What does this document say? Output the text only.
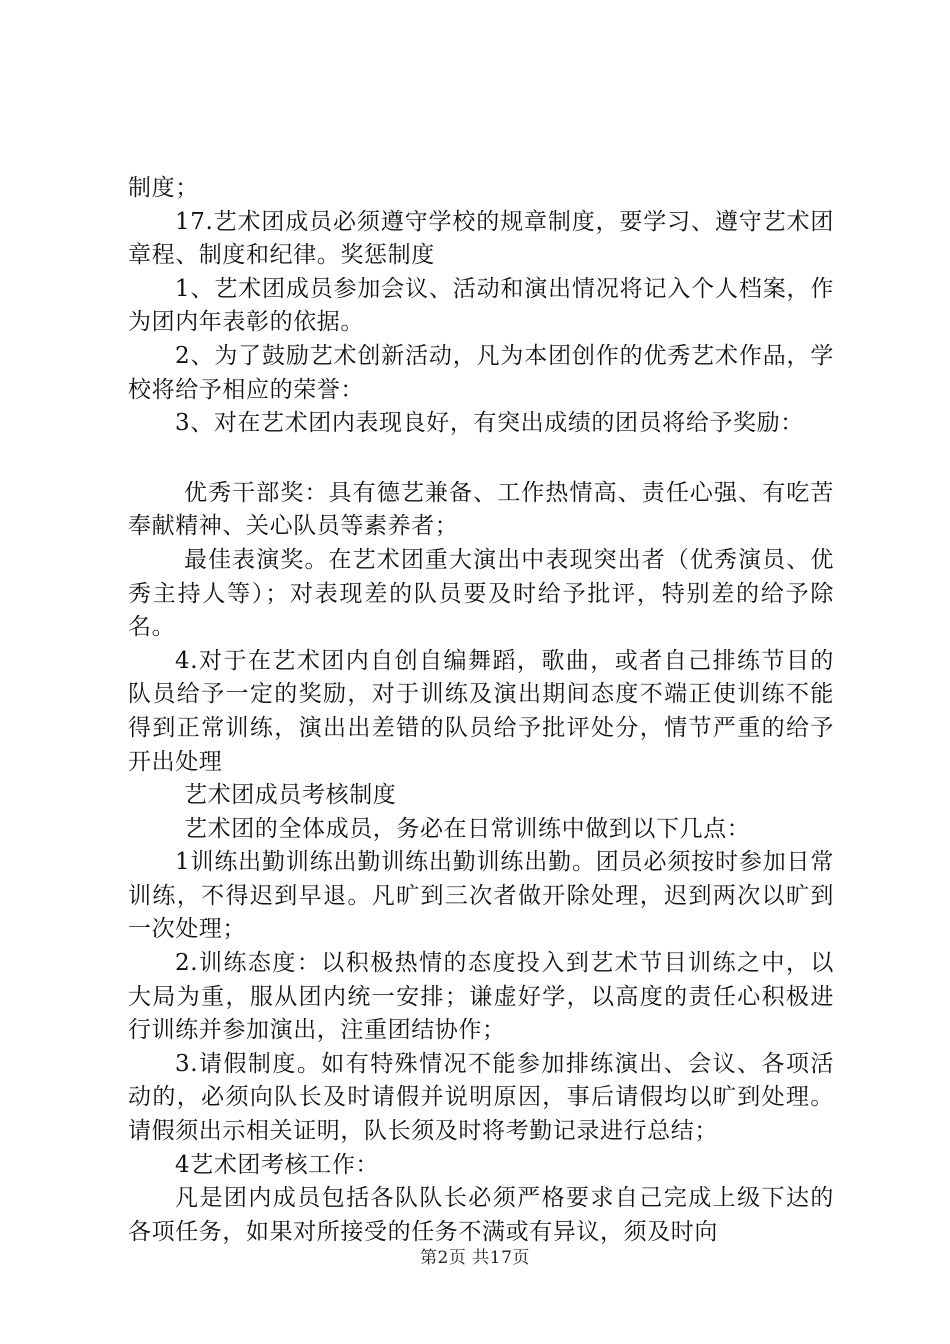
制度；

17.艺术团成员必须遵守学校的规章制度，要学习、遵守艺术团章程、制度和纪律。奖惩制度

1、艺术团成员参加会议、活动和演出情况将记入个人档案，作为团内年表彰的依据。

2、为了鼓励艺术创新活动，凡为本团创作的优秀艺术作品，学校将给予相应的荣誉：

3、对在艺术团内表现良好，有突出成绩的团员将给予奖励：

优秀干部奖：具有德艺兼备、工作热情高、责任心强、有吃苦奉献精神、关心队员等素养者；

最佳表演奖。在艺术团重大演出中表现突出者（优秀演员、优秀主持人等）；对表现差的队员要及时给予批评，特别差的给予除名。

4.对于在艺术团内自创自编舞蹈，歌曲，或者自己排练节目的队员给予一定的奖励，对于训练及演出期间态度不端正使训练不能得到正常训练，演出出差错的队员给予批评处分，情节严重的给予开出处理

艺术团成员考核制度

艺术团的全体成员，务必在日常训练中做到以下几点：

1训练出勤训练出勤训练出勤训练出勤。团员必须按时参加日常训练，不得迟到早退。凡旷到三次者做开除处理，迟到两次以旷到一次处理；

2.训练态度：以积极热情的态度投入到艺术节目训练之中，以大局为重，服从团内统一安排；谦虚好学，以高度的责任心积极进行训练并参加演出，注重团结协作；

3.请假制度。如有特殊情况不能参加排练演出、会议、各项活动的，必须向队长及时请假并说明原因，事后请假均以旷到处理。请假须出示相关证明，队长须及时将考勤记录进行总结；

4艺术团考核工作：

凡是团内成员包括各队队长必须严格要求自己完成上级下达的各项任务，如果对所接受的任务不满或有异议，须及时向

第2页 共17页
